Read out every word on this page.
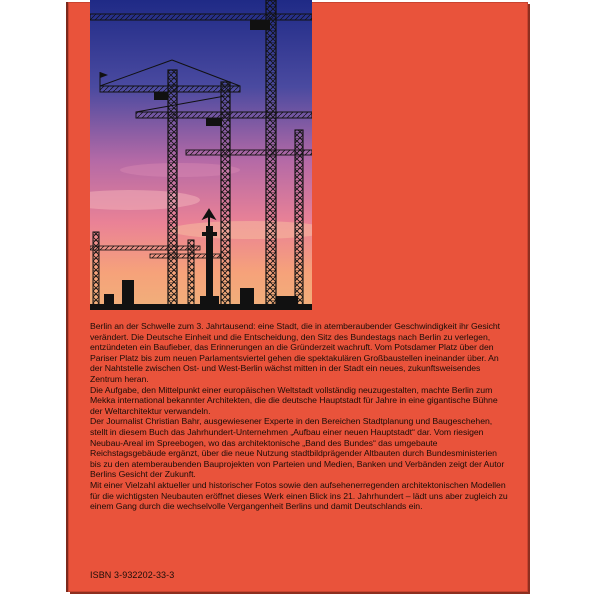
Berlin an der Schwelle zum 3. Jahrtausend: eine Stadt, die in atemberaubender Geschwindigkeit ihr Gesicht verändert. Die Deutsche Einheit und die Entscheidung, den Sitz des Bundestags nach Berlin zu verlegen, entzündeten ein Baufieber, das Erinnerungen an die Gründerzeit wachruft. Vom Potsdamer Platz über den Pariser Platz bis zum neuen Parlamentsviertel gehen die spektakulären Großbaustellen ineinander über. An der Nahtstelle zwischen Ost- und West-Berlin wächst mitten in der Stadt ein neues, zukunftsweisendes Zentrum heran.

Die Aufgabe, den Mittelpunkt einer europäischen Weltstadt vollständig neuzugestalten, machte Berlin zum Mekka international bekannter Architekten, die die deutsche Hauptstadt für Jahre in eine gigantische Bühne der Weltarchitektur verwandeln.

Der Journalist Christian Bahr, ausgewiesener Experte in den Bereichen Stadtplanung und Baugeschehen, stellt in diesem Buch das Jahrhundert-Unternehmen „Aufbau einer neuen Hauptstadt“ dar. Vom riesigen Neubau-Areal im Spreebogen, wo das architektonische „Band des Bundes“ das umgebaute Reichstagsgebäude ergänzt, über die neue Nutzung stadtbildprägender Altbauten durch Bundesministerien bis zu den atemberaubenden Bauprojekten von Parteien und Medien, Banken und Verbänden zeigt der Autor Berlins Gesicht der Zukunft.

Mit einer Vielzahl aktueller und historischer Fotos sowie den aufsehenerregenden architektonischen Modellen für die wichtigsten Neubauten eröffnet dieses Werk einen Blick ins 21. Jahrhundert – lädt uns aber zugleich zu einem Gang durch die wechselvolle Vergangenheit Berlins und damit Deutschlands ein.

ISBN 3-932202-33-3
